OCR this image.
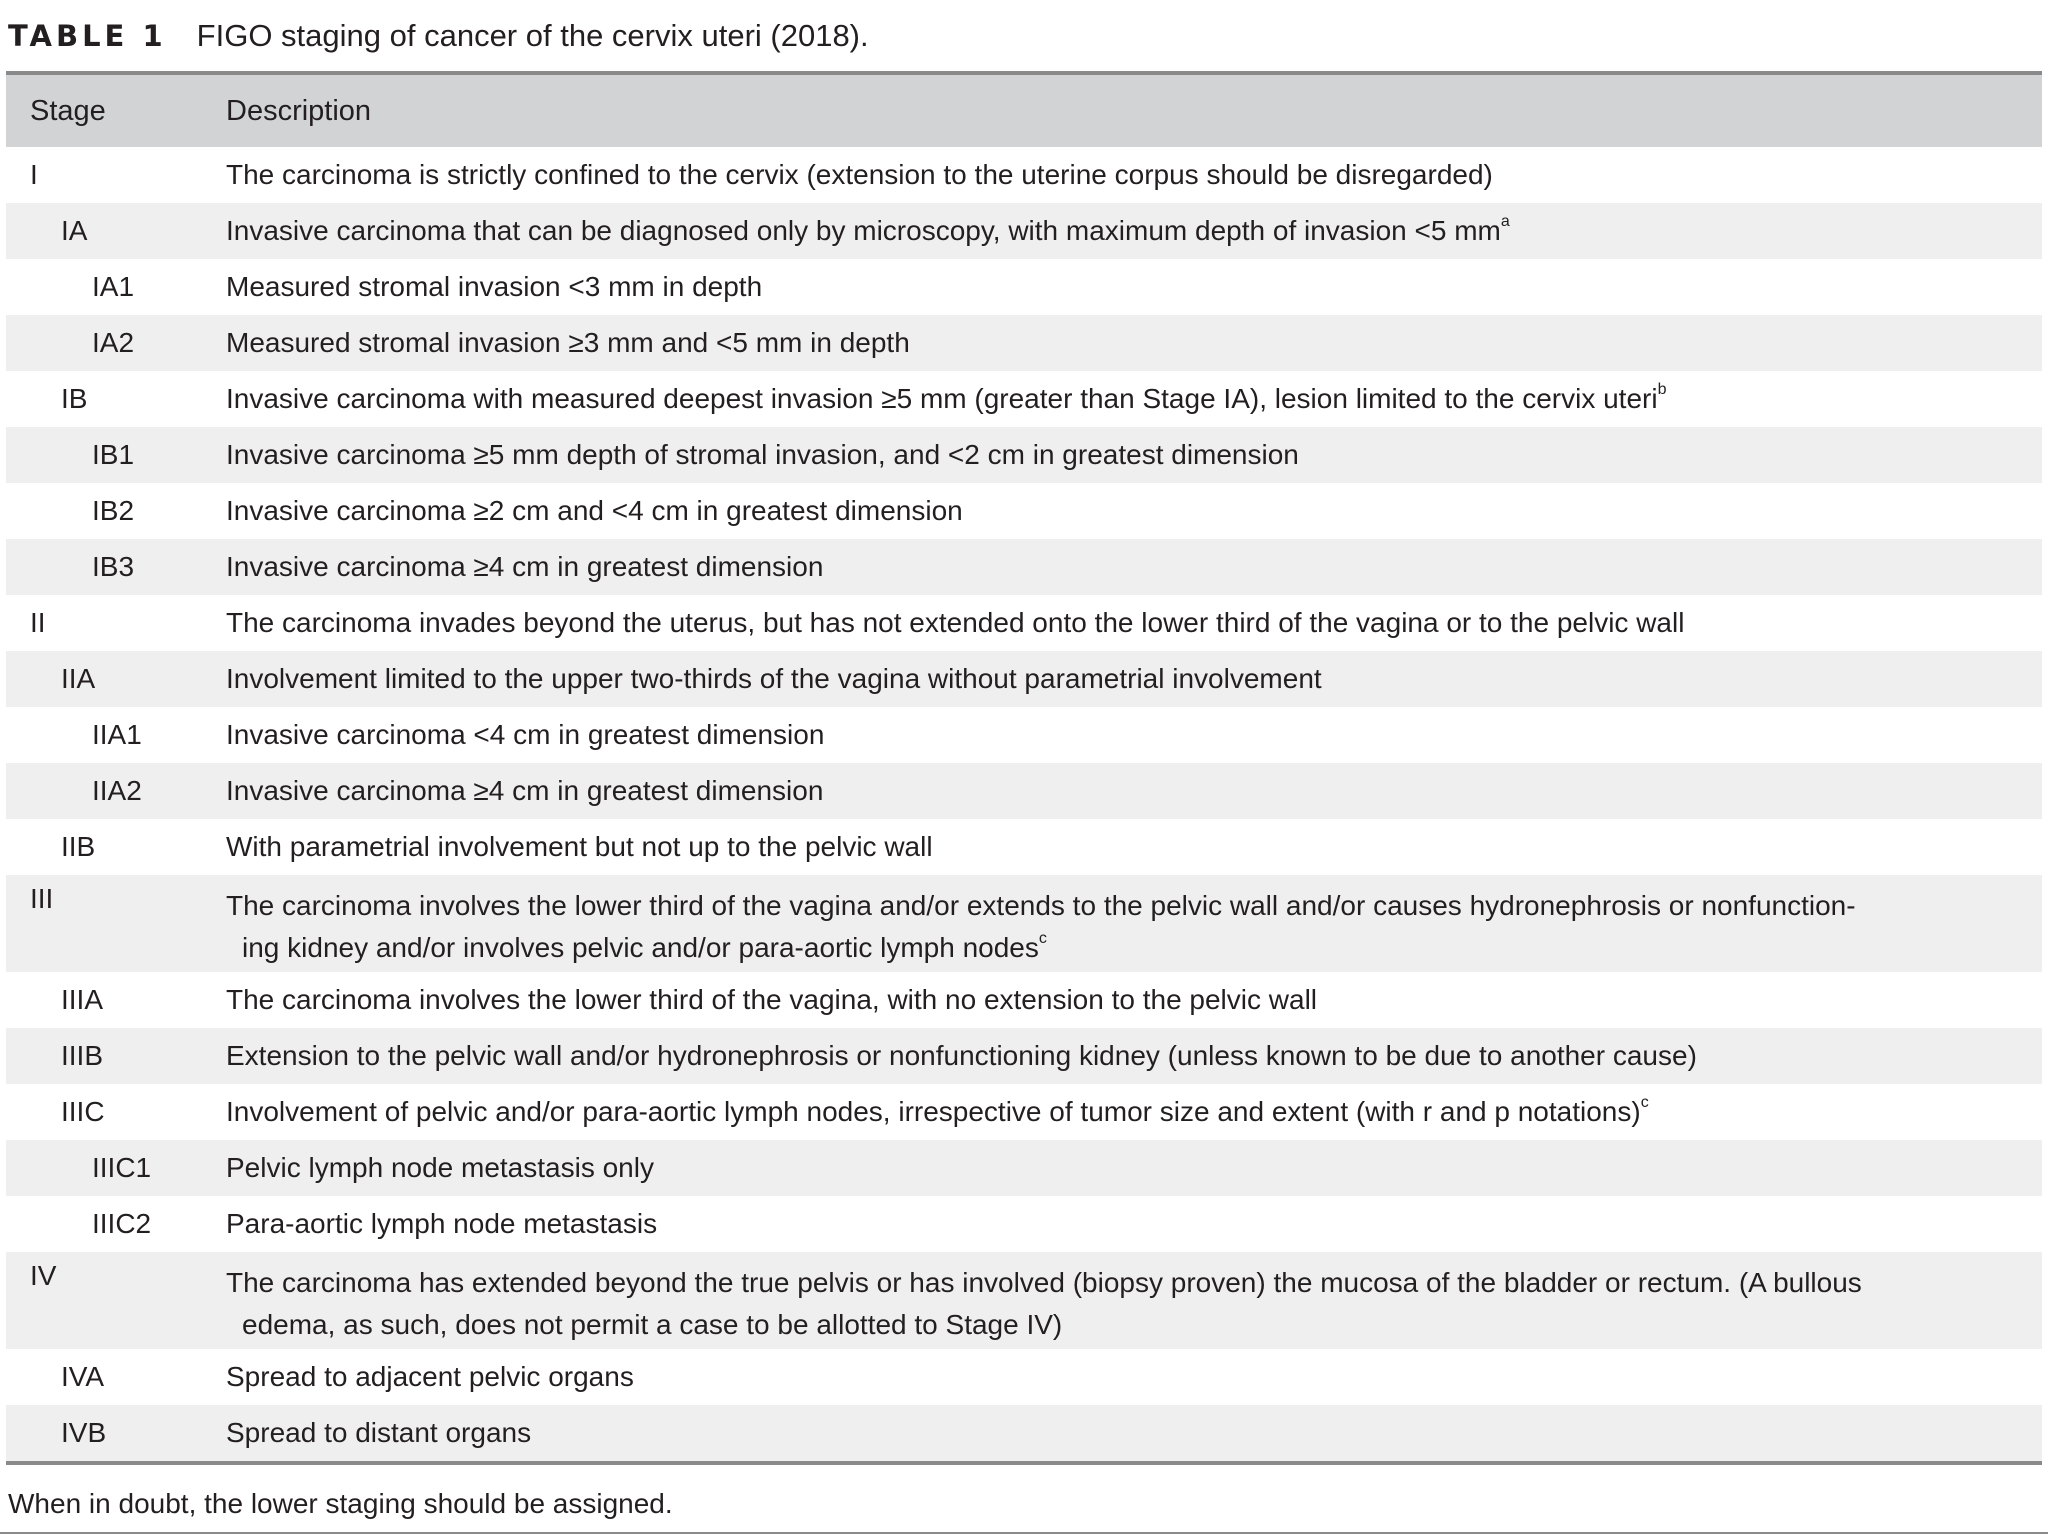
TABLE 1 FIGO staging of cancer of the cervix uteri (2018).
Stage	Description
I	The carcinoma is strictly confined to the cervix (extension to the uterine corpus should be disregarded)
IA	Invasive carcinoma that can be diagnosed only by microscopy, with maximum depth of invasion <5 $mm^a$
IA1	Measured stromal invasion <3 mm in depth
IA2	Measured stromal invasion ≥3 mm and <5 mm in depth
IB	Invasive carcinoma with measured deepest invasion ≥5 mm (greater than Stage IA), lesion limited to the cervix uteri$^b$
IB1	Invasive carcinoma ≥5 mm depth of stromal invasion, and <2 cm in greatest dimension
IB2	Invasive carcinoma ≥2 cm and <4 cm in greatest dimension
IB3	Invasive carcinoma ≥4 cm in greatest dimension
II	The carcinoma invades beyond the uterus, but has not extended onto the lower third of the vagina or to the pelvic wall
IIA	Involvement limited to the upper two-thirds of the vagina without parametrial involvement
IIA1	Invasive carcinoma <4 cm in greatest dimension
IIA2	Invasive carcinoma ≥4 cm in greatest dimension
IIB	With parametrial involvement but not up to the pelvic wall
III	The carcinoma involves the lower third of the vagina and/or extends to the pelvic wall and/or causes hydronephrosis or nonfunction-
ing kidney and/or involves pelvic and/or para-aortic lymph nodes$^c$
IIIA	The carcinoma involves the lower third of the vagina, with no extension to the pelvic wall
IIIB	Extension to the pelvic wall and/or hydronephrosis or nonfunctioning kidney (unless known to be due to another cause)
IIIC	Involvement of pelvic and/or para-aortic lymph nodes, irrespective of tumor size and extent (with r and p notations)$^c$
IIIC1	Pelvic lymph node metastasis only
IIIC2	Para-aortic lymph node metastasis
IV	The carcinoma has extended beyond the true pelvis or has involved (biopsy proven) the mucosa of the bladder or rectum. (A bullous
edema, as such, does not permit a case to be allotted to Stage IV)
IVA	Spread to adjacent pelvic organs
IVB	Spread to distant organs
When in doubt, the lower staging should be assigned.
